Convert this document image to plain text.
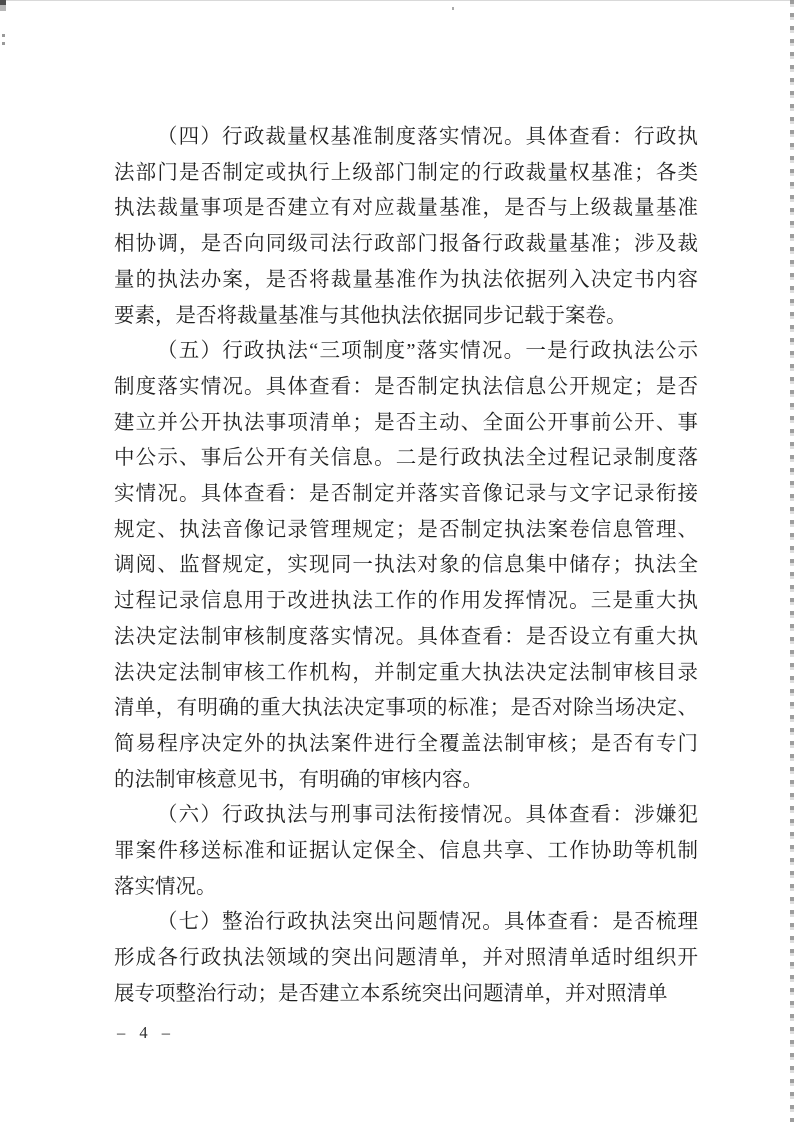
（四）行政裁量权基准制度落实情况。具体查看：行政执
法部门是否制定或执行上级部门制定的行政裁量权基准；各类
执法裁量事项是否建立有对应裁量基准，是否与上级裁量基准
相协调，是否向同级司法行政部门报备行政裁量基准；涉及裁
量的执法办案，是否将裁量基准作为执法依据列入决定书内容
要素，是否将裁量基准与其他执法依据同步记载于案卷。
（五）行政执法“三项制度”落实情况。一是行政执法公示
制度落实情况。具体查看：是否制定执法信息公开规定；是否
建立并公开执法事项清单；是否主动、全面公开事前公开、事
中公示、事后公开有关信息。二是行政执法全过程记录制度落
实情况。具体查看：是否制定并落实音像记录与文字记录衔接
规定、执法音像记录管理规定；是否制定执法案卷信息管理、
调阅、监督规定，实现同一执法对象的信息集中储存；执法全
过程记录信息用于改进执法工作的作用发挥情况。三是重大执
法决定法制审核制度落实情况。具体查看：是否设立有重大执
法决定法制审核工作机构，并制定重大执法决定法制审核目录
清单，有明确的重大执法决定事项的标准；是否对除当场决定、
简易程序决定外的执法案件进行全覆盖法制审核；是否有专门
的法制审核意见书，有明确的审核内容。
（六）行政执法与刑事司法衔接情况。具体查看：涉嫌犯
罪案件移送标准和证据认定保全、信息共享、工作协助等机制
落实情况。
（七）整治行政执法突出问题情况。具体查看：是否梳理
形成各行政执法领域的突出问题清单，并对照清单适时组织开
展专项整治行动；是否建立本系统突出问题清单，并对照清单
– 4 –
